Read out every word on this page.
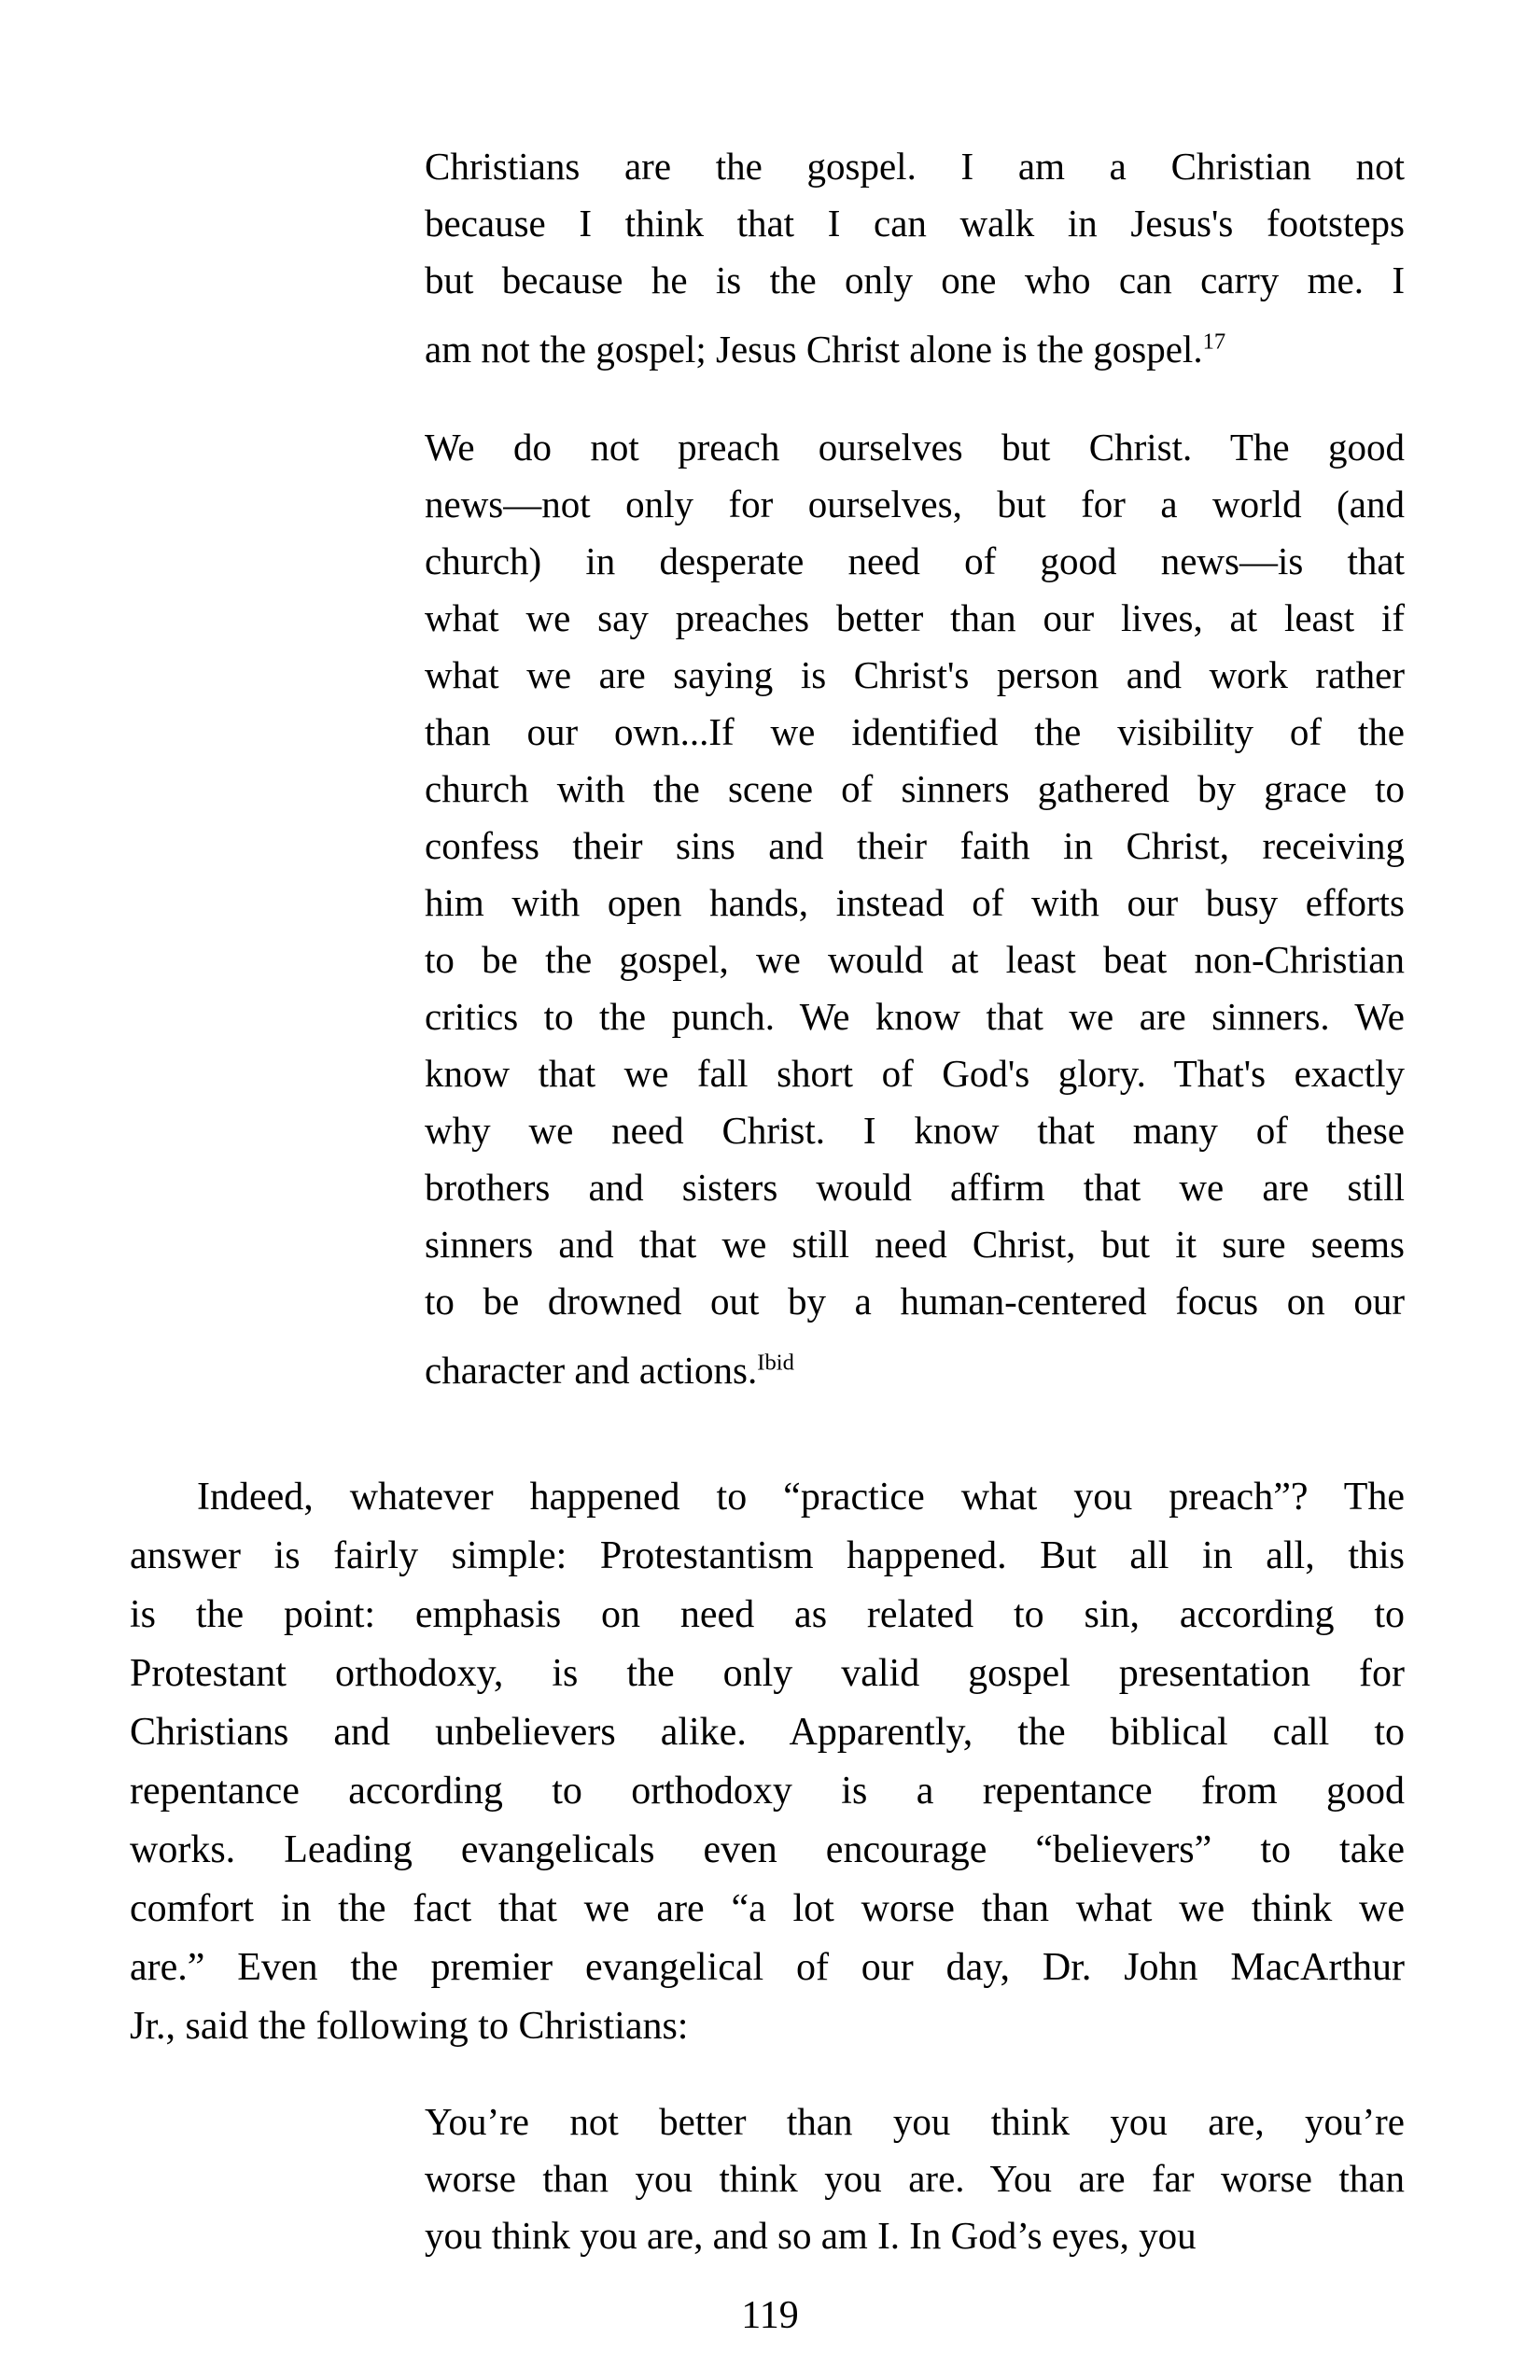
Christians are the gospel. I am a Christian not
because I think that I can walk in Jesus's footsteps
but because he is the only one who can carry me. I
am not the gospel; Jesus Christ alone is the gospel.$^{17}$
We do not preach ourselves but Christ. The good
news—not only for ourselves, but for a world (and
church) in desperate need of good news—is that
what we say preaches better than our lives, at least if
what we are saying is Christ's person and work rather
than our own...If we identified the visibility of the
church with the scene of sinners gathered by grace to
confess their sins and their faith in Christ, receiving
him with open hands, instead of with our busy efforts
to be the gospel, we would at least beat non-Christian
critics to the punch. We know that we are sinners. We
know that we fall short of God's glory. That's exactly
why we need Christ. I know that many of these
brothers and sisters would affirm that we are still
sinners and that we still need Christ, but it sure seems
to be drowned out by a human-centered focus on our
character and actions.$^{Ibid}$
Indeed, whatever happened to “practice what you preach”? The
answer is fairly simple: Protestantism happened. But all in all, this
is the point: emphasis on need as related to sin, according to
Protestant orthodoxy, is the only valid gospel presentation for
Christians and unbelievers alike. Apparently, the biblical call to
repentance according to orthodoxy is a repentance from good
works. Leading evangelicals even encourage “believers” to take
comfort in the fact that we are “a lot worse than what we think we
are.” Even the premier evangelical of our day, Dr. John MacArthur
Jr., said the following to Christians:
You’re not better than you think you are, you’re
worse than you think you are. You are far worse than
you think you are, and so am I. In God’s eyes, you
119
